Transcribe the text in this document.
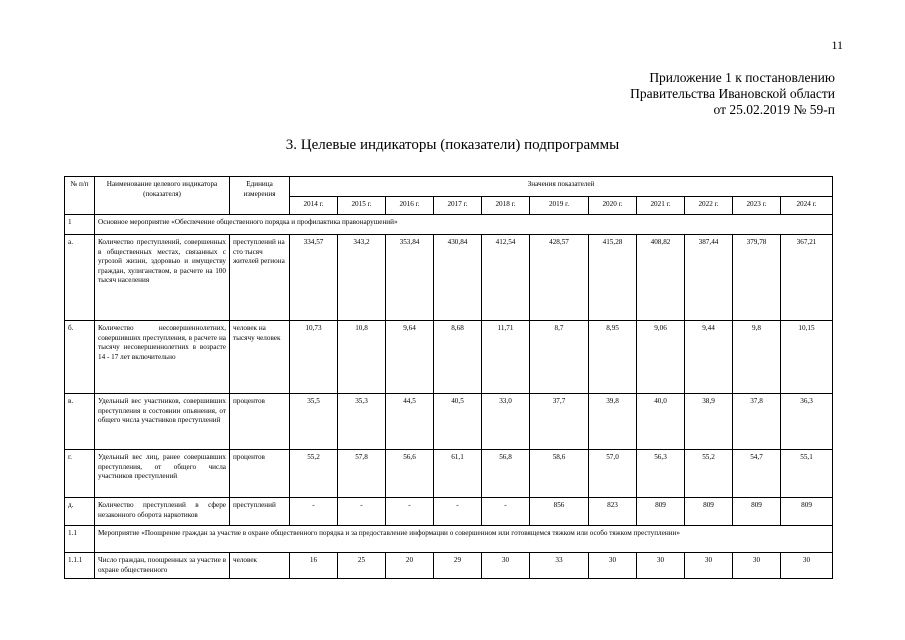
11
Приложение 1 к постановлению
Правительства Ивановской области
от 25.02.2019 № 59-п
3. Целевые индикаторы (показатели) подпрограммы
№ п/п	Наименование целевого индикатора (показателя)	Единица измерения	Значения показателей										
			2014 г.	2015 г.	2016 г.	2017 г.	2018 г.	2019 г.	2020 г.	2021 г.	2022 г.	2023 г.	2024 г.
1	Основное мероприятие «Обеспечение общественного порядка и профилактика правонарушений»												
а.	Количество преступлений, совершенных в общественных местах, связанных с угрозой жизни, здоровью и имуществу граждан, хулиганством, в расчете на 100 тысяч населения	преступлений на сто тысяч жителей региона	334,57	343,2	353,84	430,84	412,54	428,57	415,28	408,82	387,44	379,78	367,21
б.	Количество несовершеннолетних, совершивших преступления, в расчете на тысячу несовершеннолетних в возрасте 14 - 17 лет включительно	человек на тысячу человек	10,73	10,8	9,64	8,68	11,71	8,7	8,95	9,06	9,44	9,8	10,15
в.	Удельный вес участников, совершивших преступления в состоянии опьянения, от общего числа участников преступлений	процентов	35,5	35,3	44,5	40,5	33,0	37,7	39,8	40,0	38,9	37,8	36,3
г.	Удельный вес лиц, ранее совершавших преступления, от общего числа участников преступлений	процентов	55,2	57,8	56,6	61,1	56,8	58,6	57,0	56,3	55,2	54,7	55,1
д.	Количество преступлений в сфере незаконного оборота наркотиков	преступлений	-	-	-	-	-	856	823	809	809	809	809
1.1	Мероприятие «Поощрение граждан за участие в охране общественного порядка и за предоставление информации о совершенном или готовящемся тяжком или особо тяжком преступлении»												
1.1.1	Число граждан, поощренных за участие в охране общественного	человек	16	25	20	29	30	33	30	30	30	30	30
